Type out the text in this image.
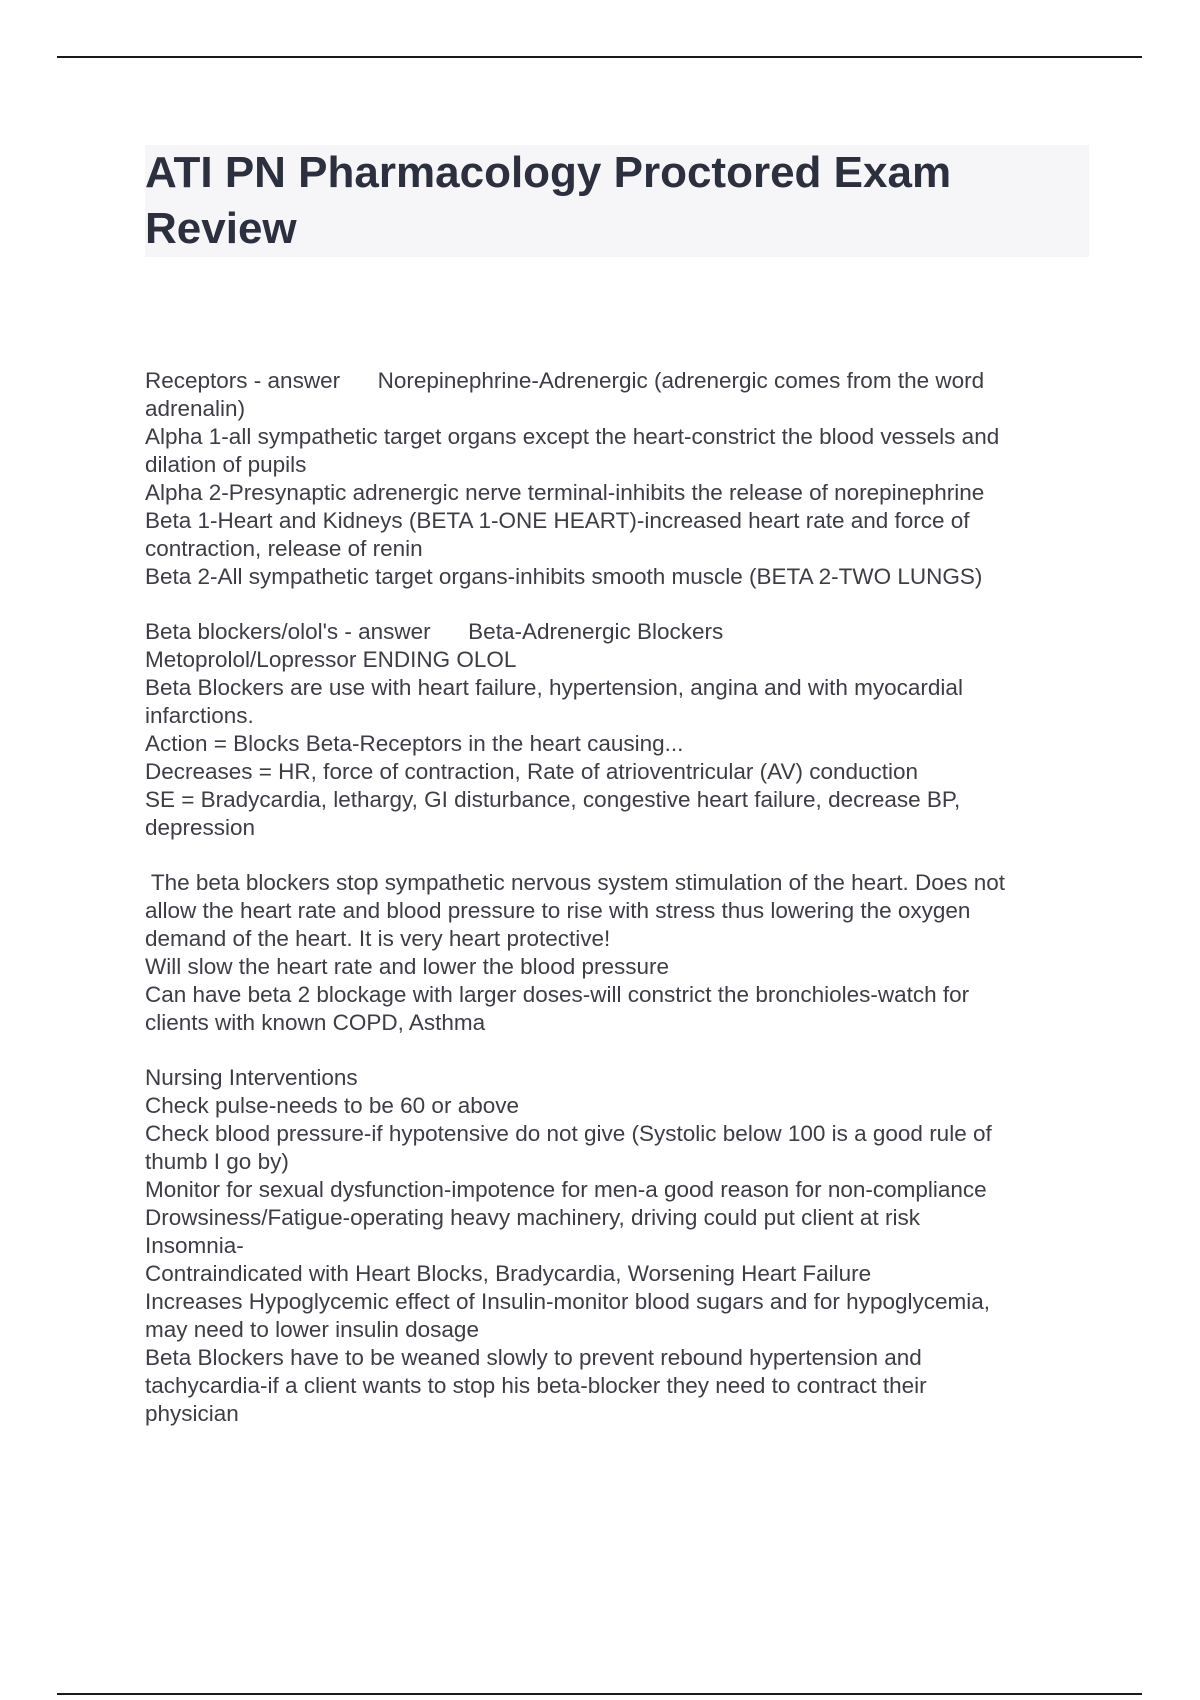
ATI PN Pharmacology Proctored Exam
Review
Receptors - answer      Norepinephrine-Adrenergic (adrenergic comes from the word
adrenalin)
Alpha 1-all sympathetic target organs except the heart-constrict the blood vessels and
dilation of pupils
Alpha 2-Presynaptic adrenergic nerve terminal-inhibits the release of norepinephrine
Beta 1-Heart and Kidneys (BETA 1-ONE HEART)-increased heart rate and force of
contraction, release of renin
Beta 2-All sympathetic target organs-inhibits smooth muscle (BETA 2-TWO LUNGS)
Beta blockers/olol's - answer      Beta-Adrenergic Blockers
Metoprolol/Lopressor ENDING OLOL
Beta Blockers are use with heart failure, hypertension, angina and with myocardial
infarctions.
Action = Blocks Beta-Receptors in the heart causing...
Decreases = HR, force of contraction, Rate of atrioventricular (AV) conduction
SE = Bradycardia, lethargy, GI disturbance, congestive heart failure, decrease BP,
depression
The beta blockers stop sympathetic nervous system stimulation of the heart. Does not
allow the heart rate and blood pressure to rise with stress thus lowering the oxygen
demand of the heart. It is very heart protective!
Will slow the heart rate and lower the blood pressure
Can have beta 2 blockage with larger doses-will constrict the bronchioles-watch for
clients with known COPD, Asthma
Nursing Interventions
Check pulse-needs to be 60 or above
Check blood pressure-if hypotensive do not give (Systolic below 100 is a good rule of
thumb I go by)
Monitor for sexual dysfunction-impotence for men-a good reason for non-compliance
Drowsiness/Fatigue-operating heavy machinery, driving could put client at risk
Insomnia-
Contraindicated with Heart Blocks, Bradycardia, Worsening Heart Failure
Increases Hypoglycemic effect of Insulin-monitor blood sugars and for hypoglycemia,
may need to lower insulin dosage
Beta Blockers have to be weaned slowly to prevent rebound hypertension and
tachycardia-if a client wants to stop his beta-blocker they need to contract their
physician
